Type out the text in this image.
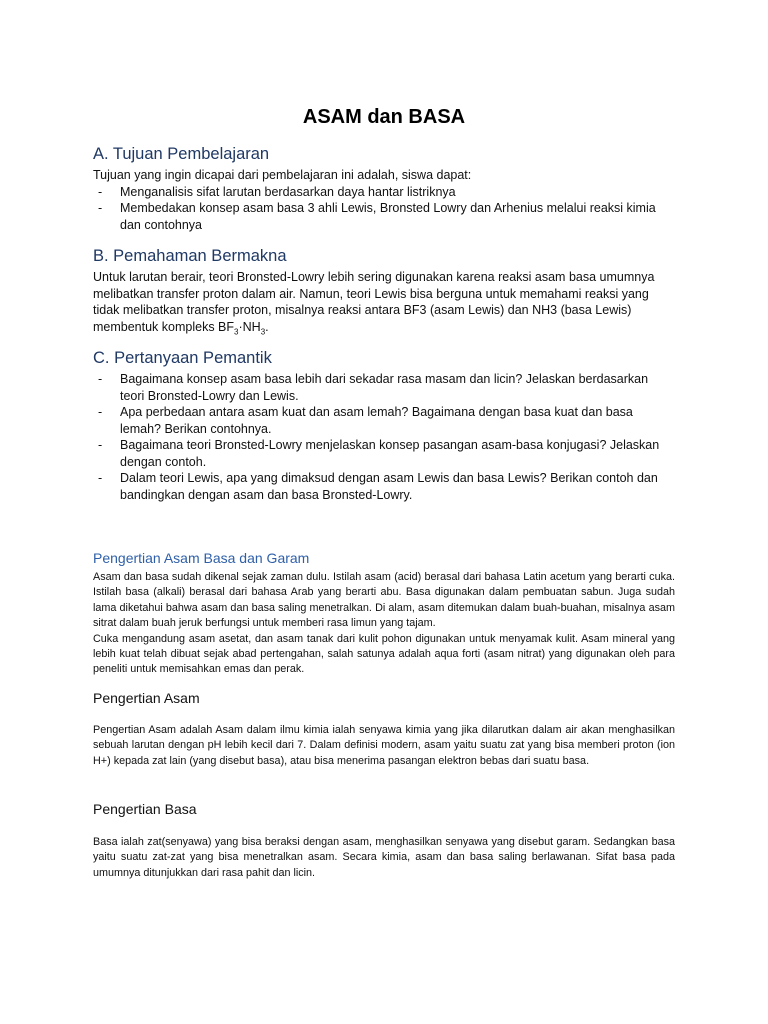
ASAM dan BASA
A. Tujuan Pembelajaran
Tujuan yang ingin dicapai dari pembelajaran ini adalah, siswa dapat:
- Menganalisis sifat larutan berdasarkan daya hantar listriknya
- Membedakan konsep asam basa 3 ahli Lewis, Bronsted Lowry dan Arhenius melalui reaksi kimia dan contohnya
B. Pemahaman Bermakna
Untuk larutan berair, teori Bronsted-Lowry lebih sering digunakan karena reaksi asam basa umumnya melibatkan transfer proton dalam air. Namun, teori Lewis bisa berguna untuk memahami reaksi yang tidak melibatkan transfer proton, misalnya reaksi antara BF3 (asam Lewis) dan NH3 (basa Lewis) membentuk kompleks $BF_3\cdot NH_3$.
C. Pertanyaan Pemantik
- Bagaimana konsep asam basa lebih dari sekadar rasa masam dan licin? Jelaskan berdasarkan teori Bronsted-Lowry dan Lewis.
- Apa perbedaan antara asam kuat dan asam lemah? Bagaimana dengan basa kuat dan basa lemah? Berikan contohnya.
- Bagaimana teori Bronsted-Lowry menjelaskan konsep pasangan asam-basa konjugasi? Jelaskan dengan contoh.
- Dalam teori Lewis, apa yang dimaksud dengan asam Lewis dan basa Lewis? Berikan contoh dan bandingkan dengan asam dan basa Bronsted-Lowry.
Pengertian Asam Basa dan Garam

Asam dan basa sudah dikenal sejak zaman dulu. Istilah asam (acid) berasal dari bahasa Latin acetum yang berarti cuka. Istilah basa (alkali) berasal dari bahasa Arab yang berarti abu. Basa digunakan dalam pembuatan sabun. Juga sudah lama diketahui bahwa asam dan basa saling menetralkan. Di alam, asam ditemukan dalam buah-buahan, misalnya asam sitrat dalam buah jeruk berfungsi untuk memberi rasa limun yang tajam.

Cuka mengandung asam asetat, dan asam tanak dari kulit pohon digunakan untuk menyamak kulit. Asam mineral yang lebih kuat telah dibuat sejak abad pertengahan, salah satunya adalah aqua forti (asam nitrat) yang digunakan oleh para peneliti untuk memisahkan emas dan perak.

Pengertian Asam

Pengertian Asam adalah Asam dalam ilmu kimia ialah senyawa kimia yang jika dilarutkan dalam air akan menghasilkan sebuah larutan dengan pH lebih kecil dari 7. Dalam definisi modern, asam yaitu suatu zat yang bisa memberi proton (ion H+) kepada zat lain (yang disebut basa), atau bisa menerima pasangan elektron bebas dari suatu basa.

Pengertian Basa

Basa ialah zat(senyawa) yang bisa beraksi dengan asam, menghasilkan senyawa yang disebut garam. Sedangkan basa yaitu suatu zat-zat yang bisa menetralkan asam. Secara kimia, asam dan basa saling berlawanan. Sifat basa pada umumnya ditunjukkan dari rasa pahit dan licin.
